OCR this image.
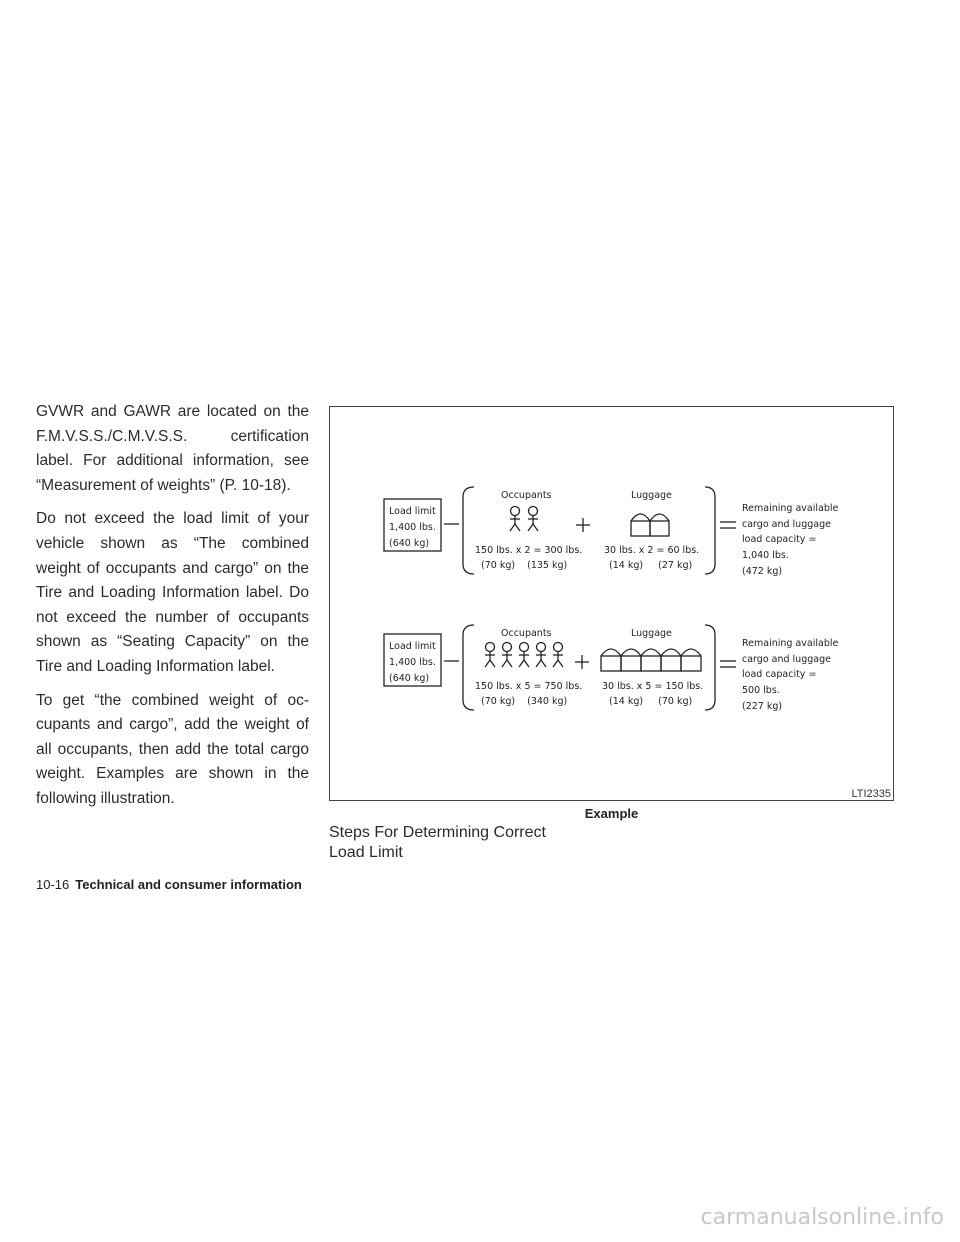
GVWR and GAWR are located on the F.M.V.S.S./C.M.V.S.S. certification label. For additional information, see “Measurement of weights” (P. 10-18).

Do not exceed the load limit of your vehicle shown as “The combined weight of occupants and cargo” on the Tire and Loading Information label. Do not exceed the number of occupants shown as “Seating Capacity” on the Tire and Loading Information label.

To get “the combined weight of occupants and cargo”, add the weight of all occupants, then add the total cargo weight. Examples are shown in the following illustration.

Load limit
1,400 lbs.
(640 kg)
Occupants
150 lbs. x 2 = 300 lbs.
(70 kg)    (135 kg)
Luggage
30 lbs. x 2 = 60 lbs.
(14 kg)     (27 kg)
Remaining available
cargo and luggage
load capacity =
1,040 lbs.
(472 kg)
Load limit
1,400 lbs.
(640 kg)
Occupants
150 lbs. x 5 = 750 lbs.
(70 kg)    (340 kg)
Luggage
30 lbs. x 5 = 150 lbs.
(14 kg)     (70 kg)
Remaining available
cargo and luggage
load capacity =
500 lbs.
(227 kg)
LTI2335
Example
Steps For Determining Correct
Load Limit
10-16 Technical and consumer information
carmanualsonline.info
